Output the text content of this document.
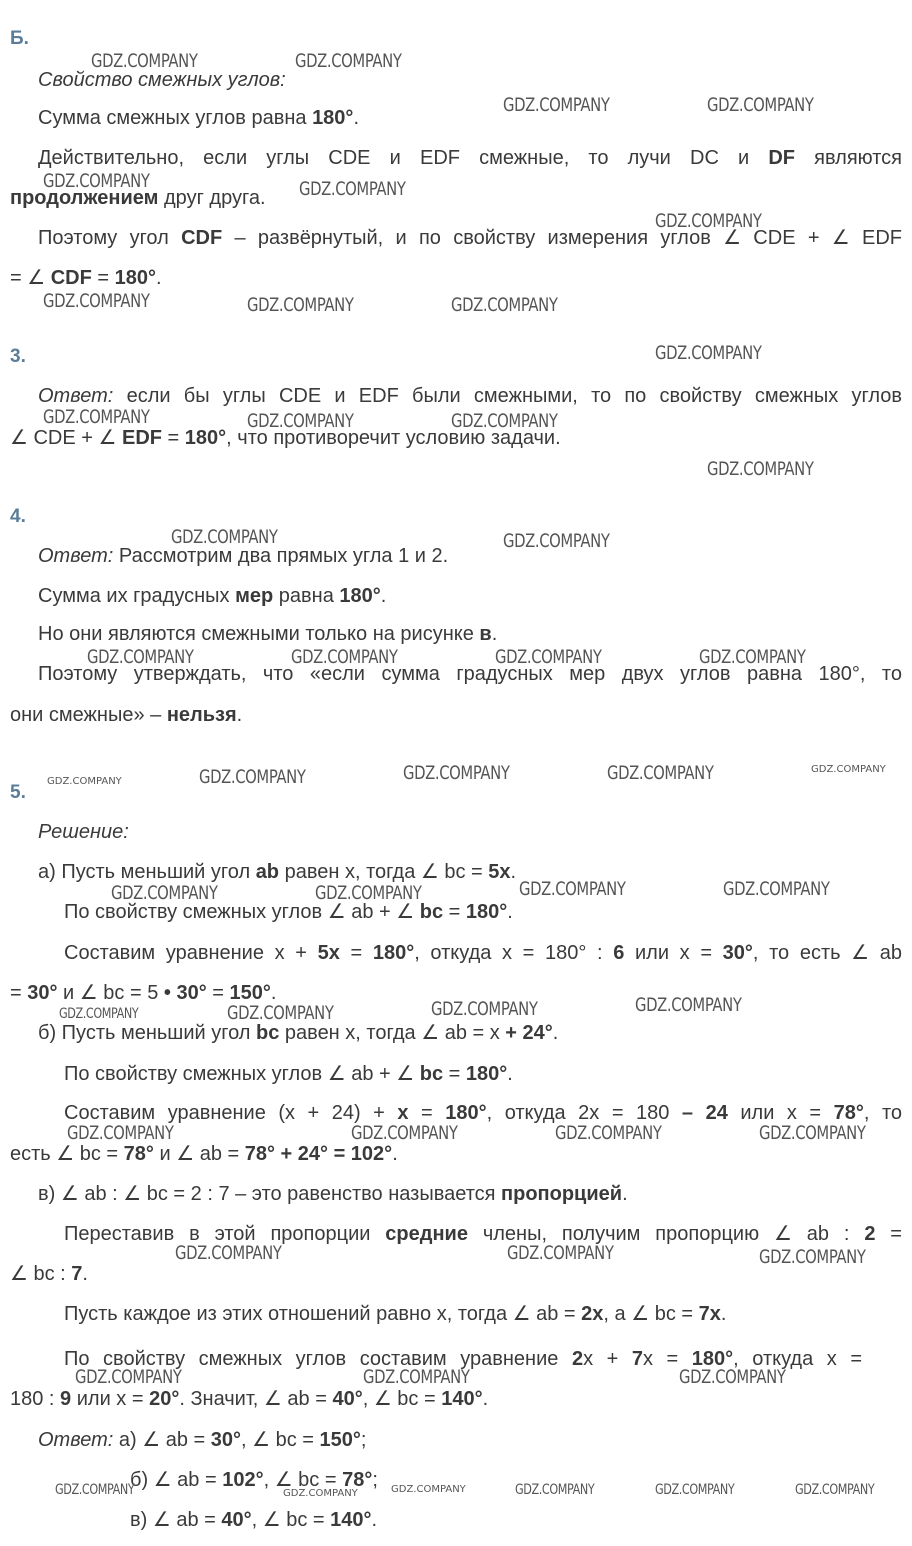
Б.
Свойство смежных углов:
Сумма смежных углов равна 180°.
Действительно, если углы CDE и EDF смежные, то лучи DC и DF являются
продолжением друг друга.
Поэтому угол CDF – развёрнутый, и по свойству измерения углов ∠ CDE + ∠ EDF
= ∠ CDF = 180°.
3.
Ответ: если бы углы CDE и EDF были смежными, то по свойству смежных углов
∠ CDE + ∠ EDF = 180°, что противоречит условию задачи.
4.
Ответ: Рассмотрим два прямых угла 1 и 2.
Сумма их градусных мер равна 180°.
Но они являются смежными только на рисунке в.
Поэтому утверждать, что «если сумма градусных мер двух углов равна 180°, то
они смежные» – нельзя.
5.
Решение:
а) Пусть меньший угол ab равен x, тогда ∠ bc = 5x.
По свойству смежных углов ∠ ab + ∠ bc = 180°.
Составим уравнение x + 5x = 180°, откуда x = 180° : 6 или x = 30°, то есть ∠ ab
= 30° и ∠ bc = 5 • 30° = 150°.
б) Пусть меньший угол bc равен x, тогда ∠ ab = x + 24°.
По свойству смежных углов ∠ ab + ∠ bc = 180°.
Составим уравнение (x + 24) + x = 180°, откуда 2x = 180 – 24 или x = 78°, то
есть ∠ bc = 78° и ∠ ab = 78° + 24° = 102°.
в) ∠ ab : ∠ bc = 2 : 7 – это равенство называется пропорцией.
Переставив в этой пропорции средние члены, получим пропорцию ∠ ab : 2 =
∠ bc : 7.
Пусть каждое из этих отношений равно x, тогда ∠ ab = 2x, а ∠ bc = 7x.
По свойству смежных углов составим уравнение 2x + 7x = 180°, откуда x =
180 : 9 или x = 20°. Значит, ∠ ab = 40°, ∠ bc = 140°.
Ответ: а) ∠ ab = 30°, ∠ bc = 150°;
б) ∠ ab = 102°, ∠ bc = 78°;
в) ∠ ab = 40°, ∠ bc = 140°.
GDZ.COMPANY	GDZ.COMPANY
GDZ.COMPANY	GDZ.COMPANY
GDZ.COMPANY	GDZ.COMPANY
GDZ.COMPANY
GDZ.COMPANY	GDZ.COMPANY	GDZ.COMPANY
GDZ.COMPANY
GDZ.COMPANY	GDZ.COMPANY	GDZ.COMPANY
GDZ.COMPANY
GDZ.COMPANY	GDZ.COMPANY
GDZ.COMPANY	GDZ.COMPANY	GDZ.COMPANY	GDZ.COMPANY
GDZ.COMPANY	GDZ.COMPANY	GDZ.COMPANY	GDZ.COMPANY	GDZ.COMPANY
GDZ.COMPANY	GDZ.COMPANY	GDZ.COMPANY	GDZ.COMPANY
GDZ.COMPANY	GDZ.COMPANY	GDZ.COMPANY	GDZ.COMPANY
GDZ.COMPANY	GDZ.COMPANY	GDZ.COMPANY	GDZ.COMPANY
GDZ.COMPANY	GDZ.COMPANY	GDZ.COMPANY
GDZ.COMPANY	GDZ.COMPANY	GDZ.COMPANY
GDZ.COMPANY	GDZ.COMPANY	GDZ.COMPANY	GDZ.COMPANY	GDZ.COMPANY	GDZ.COMPANY
